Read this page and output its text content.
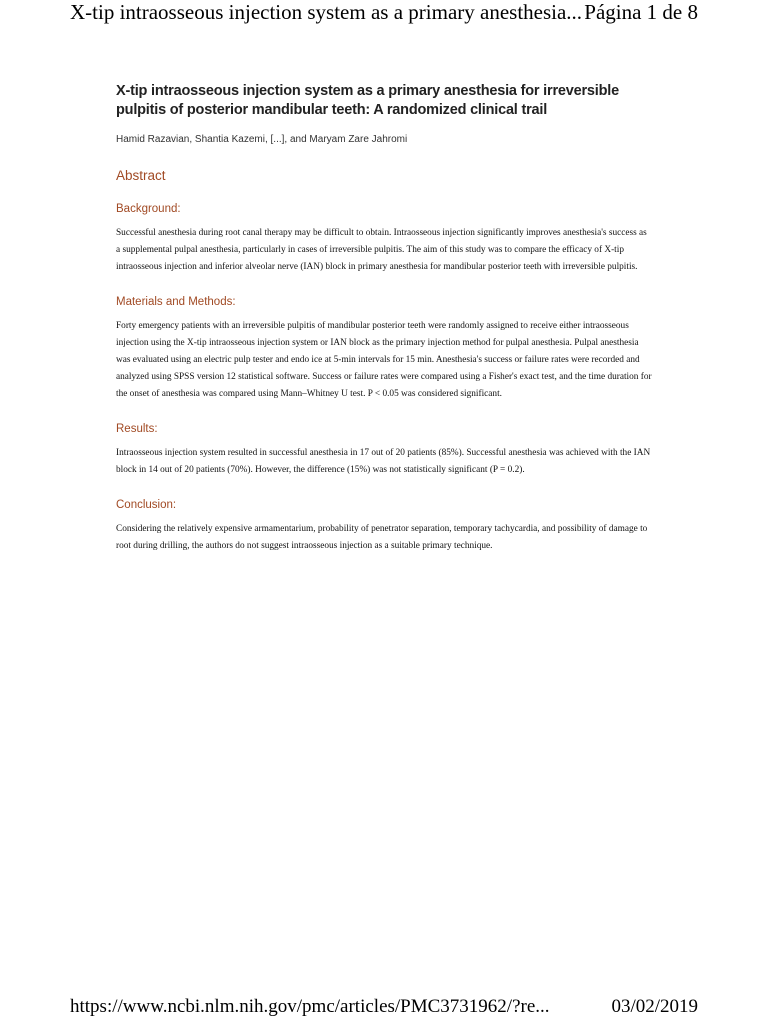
X-tip intraosseous injection system as a primary anesthesia... Página 1 de 8
X-tip intraosseous injection system as a primary anesthesia for irreversible pulpitis of posterior mandibular teeth: A randomized clinical trail
Hamid Razavian, Shantia Kazemi, [...], and Maryam Zare Jahromi
Abstract
Background:

Successful anesthesia during root canal therapy may be difficult to obtain. Intraosseous injection significantly improves anesthesia's success as a supplemental pulpal anesthesia, particularly in cases of irreversible pulpitis. The aim of this study was to compare the efficacy of X-tip intraosseous injection and inferior alveolar nerve (IAN) block in primary anesthesia for mandibular posterior teeth with irreversible pulpitis.

Materials and Methods:

Forty emergency patients with an irreversible pulpitis of mandibular posterior teeth were randomly assigned to receive either intraosseous injection using the X-tip intraosseous injection system or IAN block as the primary injection method for pulpal anesthesia. Pulpal anesthesia was evaluated using an electric pulp tester and endo ice at 5-min intervals for 15 min. Anesthesia's success or failure rates were recorded and analyzed using SPSS version 12 statistical software. Success or failure rates were compared using a Fisher's exact test, and the time duration for the onset of anesthesia was compared using Mann–Whitney U test. P < 0.05 was considered significant.

Results:

Intraosseous injection system resulted in successful anesthesia in 17 out of 20 patients (85%). Successful anesthesia was achieved with the IAN block in 14 out of 20 patients (70%). However, the difference (15%) was not statistically significant (P = 0.2).

Conclusion:

Considering the relatively expensive armamentarium, probability of penetrator separation, temporary tachycardia, and possibility of damage to root during drilling, the authors do not suggest intraosseous injection as a suitable primary technique.

https://www.ncbi.nlm.nih.gov/pmc/articles/PMC3731962/?re...	03/02/2019
